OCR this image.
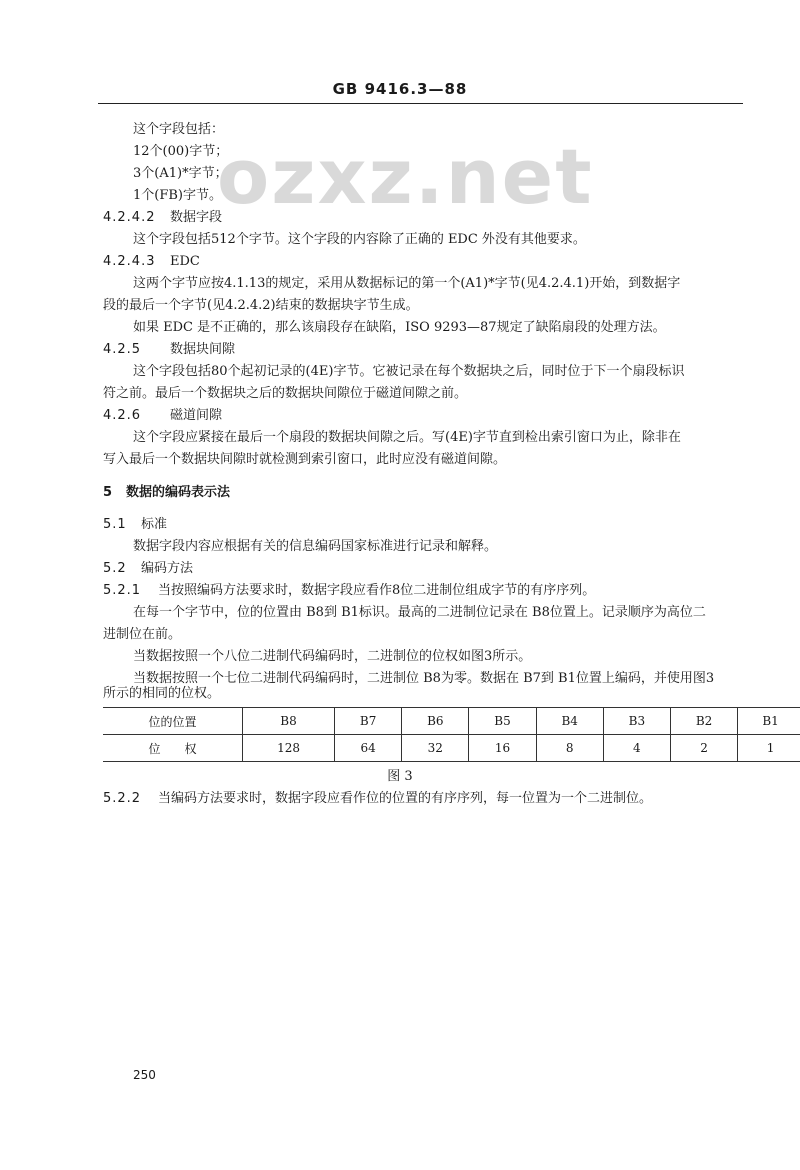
GB 9416.3—88
ozxz.net
这个字段包括：
12个(00)字节；
3个(A1)*字节；
1个(FB)字节。
4.2.4.2 数据字段
这个字段包括512个字节。这个字段的内容除了正确的 EDC 外没有其他要求。
4.2.4.3 EDC
这两个字节应按4.1.13的规定，采用从数据标记的第一个(A1)*字节(见4.2.4.1)开始，到数据字
段的最后一个字节(见4.2.4.2)结束的数据块字节生成。
如果 EDC 是不正确的，那么该扇段存在缺陷，ISO 9293—87规定了缺陷扇段的处理方法。
4.2.5 数据块间隙
这个字段包括80个起初记录的(4E)字节。它被记录在每个数据块之后，同时位于下一个扇段标识
符之前。最后一个数据块之后的数据块间隙位于磁道间隙之前。
4.2.6 磁道间隙
这个字段应紧接在最后一个扇段的数据块间隙之后。写(4E)字节直到检出索引窗口为止，除非在
写入最后一个数据块间隙时就检测到索引窗口，此时应没有磁道间隙。
5 数据的编码表示法
5.1 标准
数据字段内容应根据有关的信息编码国家标准进行记录和解释。
5.2 编码方法
5.2.1 当按照编码方法要求时，数据字段应看作8位二进制位组成字节的有序序列。
在每一个字节中，位的位置由 B8到 B1标识。最高的二进制位记录在 B8位置上。记录顺序为高位二
进制位在前。
当数据按照一个八位二进制代码编码时，二进制位的位权如图3所示。
当数据按照一个七位二进制代码编码时，二进制位 B8为零。数据在 B7到 B1位置上编码，并使用图3
所示的相同的位权。
位的位置	B8	B7	B6	B5	B4	B3	B2	B1
位　　权	128	64	32	16	8	4	2	1
图 3
5.2.2 当编码方法要求时，数据字段应看作位的位置的有序序列，每一位置为一个二进制位。
250
